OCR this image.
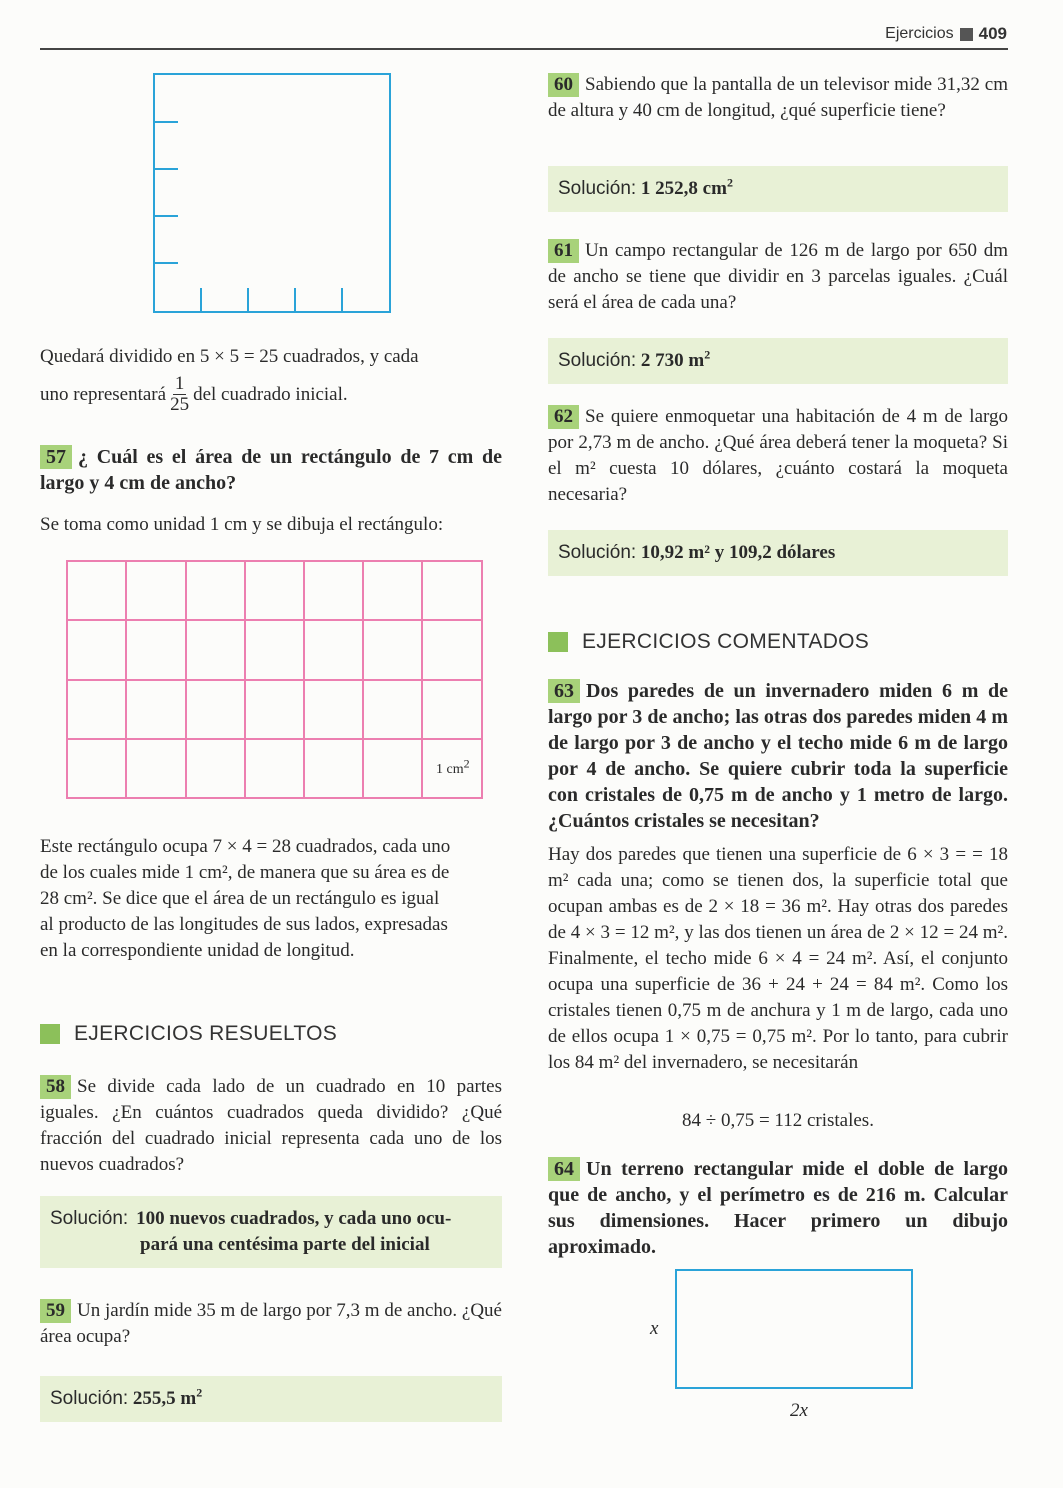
Ejercicios 409
Quedará dividido en 5 × 5 = 25 cuadrados, y cada
uno representará $\frac{1}{25}$ del cuadrado inicial.
57 ¿ Cuál es el área de un rectángulo de 7 cm de largo y 4 cm de ancho?
Se toma como unidad 1 cm y se dibuja el rectángulo:
1 $cm^2$
Este rectángulo ocupa 7 × 4 = 28 cuadrados, cada uno
de los cuales mide 1 cm², de manera que su área es de
28 cm². Se dice que el área de un rectángulo es igual
al producto de las longitudes de sus lados, expresadas
en la correspondiente unidad de longitud.
EJERCICIOS RESUELTOS
58 Se divide cada lado de un cuadrado en 10 partes iguales. ¿En cuántos cuadrados queda dividido? ¿Qué fracción del cuadrado inicial representa cada uno de los nuevos cuadrados?
Solución: 100 nuevos cuadrados, y cada uno ocu-
pará una centésima parte del inicial
59 Un jardín mide 35 m de largo por 7,3 m de ancho. ¿Qué área ocupa?
Solución: 255,5 $m^2$
60 Sabiendo que la pantalla de un televisor mide 31,32 cm de altura y 40 cm de longitud, ¿qué superficie tiene?
Solución: 1 252,8 $cm^2$
61 Un campo rectangular de 126 m de largo por 650 dm de ancho se tiene que dividir en 3 parcelas iguales. ¿Cuál será el área de cada una?
Solución: 2 730 $m^2$
62 Se quiere enmoquetar una habitación de 4 m de largo por 2,73 m de ancho. ¿Qué área deberá tener la moqueta? Si el m² cuesta 10 dólares, ¿cuánto costará la moqueta necesaria?
Solución: 10,92 m² y 109,2 dólares
EJERCICIOS COMENTADOS
63 Dos paredes de un invernadero miden 6 m de largo por 3 de ancho; las otras dos paredes miden 4 m de largo por 3 de ancho y el techo mide 6 m de largo por 4 de ancho. Se quiere cubrir toda la superficie con cristales de 0,75 m de ancho y 1 metro de largo. ¿Cuántos cristales se necesitan?
Hay dos paredes que tienen una superficie de 6 × 3 = = 18 m² cada una; como se tienen dos, la superficie total que ocupan ambas es de 2 × 18 = 36 m². Hay otras dos paredes de 4 × 3 = 12 m², y las dos tienen un área de 2 × 12 = 24 m². Finalmente, el techo mide 6 × 4 = 24 m². Así, el conjunto ocupa una superficie de 36 + 24 + 24 = 84 m². Como los cristales tienen 0,75 m de anchura y 1 m de largo, cada uno de ellos ocupa 1 × 0,75 = 0,75 m². Por lo tanto, para cubrir los 84 m² del invernadero, se necesitarán
84 ÷ 0,75 = 112 cristales.
64 Un terreno rectangular mide el doble de largo que de ancho, y el perímetro es de 216 m. Calcular sus dimensiones. Hacer primero un dibujo aproximado.
x
2x
